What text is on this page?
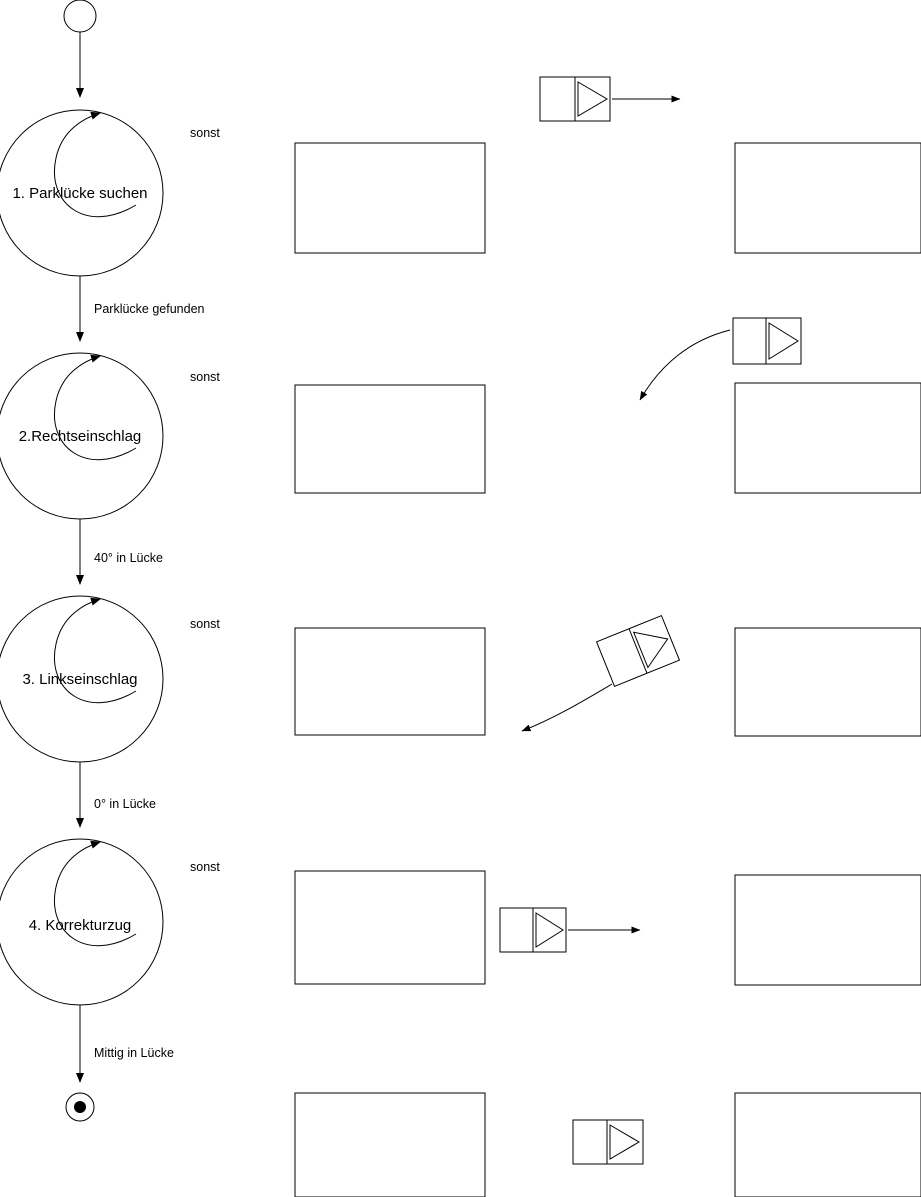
1. Parklücke suchen
sonst
Parklücke gefunden
2.Rechtseinschlag
sonst
40° in Lücke
3. Linkseinschlag
sonst
0° in Lücke
4. Korrekturzug
sonst
Mittig in Lücke
